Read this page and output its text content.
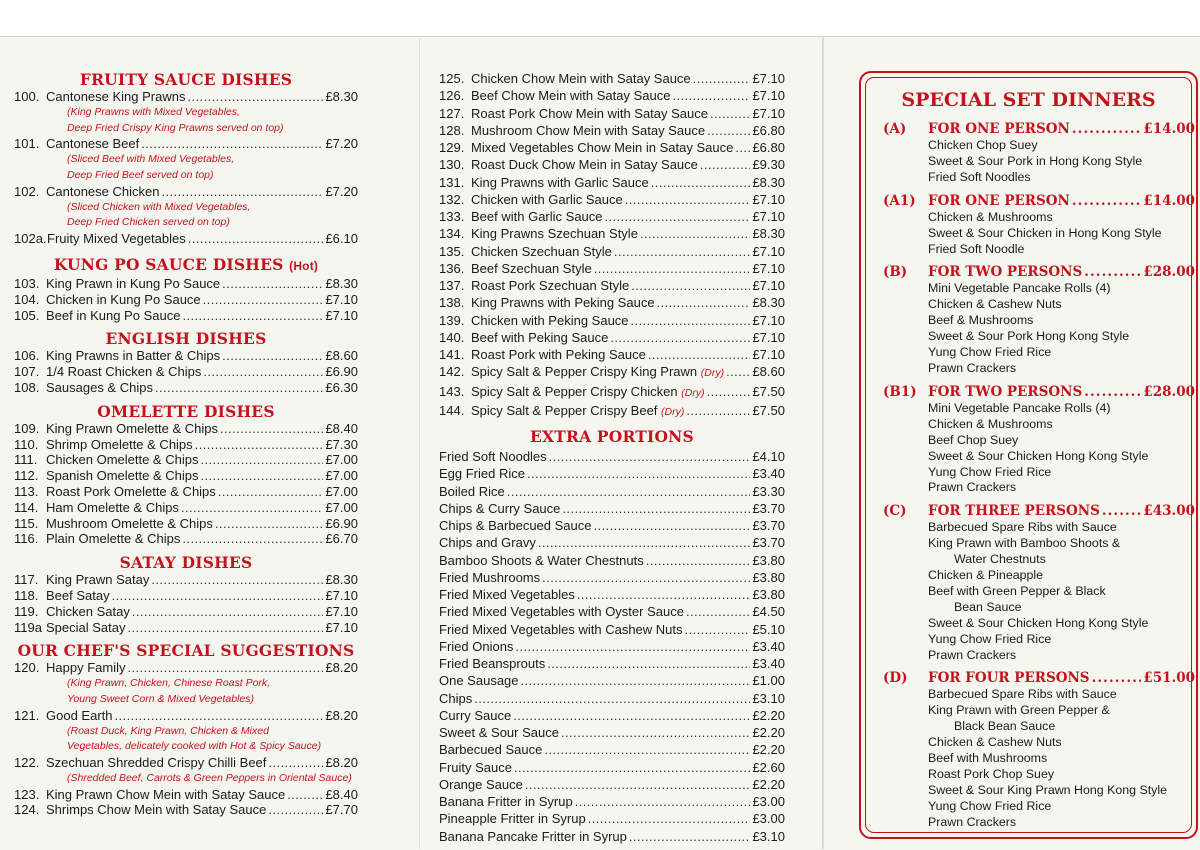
FRUITY SAUCE DISHES
100. Cantonese King Prawns . . .	£8.30
(King Prawns with Mixed Vegetables,
Deep Fried Crispy King Prawns served on top)
101. Cantonese Beef . . .	£7.20
(Sliced Beef with Mixed Vegetables,
Deep Fried Beef served on top)
102. Cantonese Chicken . . .	£7.20
(Sliced Chicken with Mixed Vegetables,
Deep Fried Chicken served on top)
102a. Fruity Mixed Vegetables . . .	£6.10
KUNG PO SAUCE DISHES (Hot)
103. King Prawn in Kung Po Sauce . . .	£8.30
104. Chicken in Kung Po Sauce . . .	£7.10
105. Beef in Kung Po Sauce . . .	£7.10
ENGLISH DISHES
106. King Prawns in Batter & Chips . . .	£8.60
107. 1/4 Roast Chicken & Chips . . .	£6.90
108. Sausages & Chips . . .	£6.30
OMELETTE DISHES
109. King Prawn Omelette & Chips . . .	£8.40
110. Shrimp Omelette & Chips . . .	£7.30
111. Chicken Omelette & Chips . . .	£7.00
112. Spanish Omelette & Chips . . .	£7.00
113. Roast Pork Omelette & Chips . . .	£7.00
114. Ham Omelette & Chips . . .	£7.00
115. Mushroom Omelette & Chips . . .	£6.90
116. Plain Omelette & Chips . . .	£6.70
SATAY DISHES
117. King Prawn Satay . . .	£8.30
118. Beef Satay . . .	£7.10
119. Chicken Satay . . .	£7.10
119a Special Satay . . .	£7.10
OUR CHEF'S SPECIAL SUGGESTIONS
120. Happy Family . . .	£8.20
(King Prawn, Chicken, Chinese Roast Pork,
Young Sweet Corn & Mixed Vegetables)
121. Good Earth . . .	£8.20
(Roast Duck, King Prawn, Chicken & Mixed
Vegetables, delicately cooked with Hot & Spicy Sauce)
122. Szechuan Shredded Crispy Chilli Beef . . .	£8.20
(Shredded Beef, Carrots & Green Peppers in Oriental Sauce)
123. King Prawn Chow Mein with Satay Sauce . . .	£8.40
124. Shrimps Chow Mein with Satay Sauce . . .	£7.70
125. Chicken Chow Mein with Satay Sauce . . .	£7.10
126. Beef Chow Mein with Satay Sauce . . .	£7.10
127. Roast Pork Chow Mein with Satay Sauce . . .	£7.10
128. Mushroom Chow Mein with Satay Sauce . . .	£6.80
129. Mixed Vegetables Chow Mein in Satay Sauce . . . £6.80
130. Roast Duck Chow Mein in Satay Sauce . . .	£9.30
131. King Prawns with Garlic Sauce . . .	£8.30
132. Chicken with Garlic Sauce . . .	£7.10
133. Beef with Garlic Sauce . . .	£7.10
134. King Prawns Szechuan Style . . .	£8.30
135. Chicken Szechuan Style . . .	£7.10
136. Beef Szechuan Style . . .	£7.10
137. Roast Pork Szechuan Style . . .	£7.10
138. King Prawns with Peking Sauce . . .	£8.30
139. Chicken with Peking Sauce . . .	£7.10
140. Beef with Peking Sauce . . .	£7.10
141. Roast Pork with Peking Sauce . . .	£7.10
142. Spicy Salt & Pepper Crispy King Prawn (Dry) . . . £8.60
143. Spicy Salt & Pepper Crispy Chicken (Dry) . . .	£7.50
144. Spicy Salt & Pepper Crispy Beef (Dry) . . .	£7.50
EXTRA PORTIONS
Fried Soft Noodles . . .	£4.10
Egg Fried Rice . . .	£3.40
Boiled Rice . . .	£3.30
Chips & Curry Sauce . . .	£3.70
Chips & Barbecued Sauce . . .	£3.70
Chips and Gravy . . .	£3.70
Bamboo Shoots & Water Chestnuts . . .	£3.80
Fried Mushrooms . . .	£3.80
Fried Mixed Vegetables . . .	£3.80
Fried Mixed Vegetables with Oyster Sauce . . .	£4.50
Fried Mixed Vegetables with Cashew Nuts . . .	£5.10
Fried Onions . . .	£3.40
Fried Beansprouts . . .	£3.40
One Sausage . . .	£1.00
Chips . . .	£3.10
Curry Sauce . . .	£2.20
Sweet & Sour Sauce . . .	£2.20
Barbecued Sauce . . .	£2.20
Fruity Sauce . . .	£2.60
Orange Sauce . . .	£2.20
Banana Fritter in Syrup . . .	£3.00
Pineapple Fritter in Syrup . . .	£3.00
Banana Pancake Fritter in Syrup . . .	£3.10
SPECIAL SET DINNERS
(A)	FOR ONE PERSON . . .	£14.00
Chicken Chop Suey
Sweet & Sour Pork in Hong Kong Style
Fried Soft Noodles
(A1) FOR ONE PERSON . . .	£14.00
Chicken & Mushrooms
Sweet & Sour Chicken in Hong Kong Style
Fried Soft Noodle
(B)	FOR TWO PERSONS . . .	£28.00
Mini Vegetable Pancake Rolls (4)
Chicken & Cashew Nuts
Beef & Mushrooms
Sweet & Sour Pork Hong Kong Style
Yung Chow Fried Rice
Prawn Crackers
(B1) FOR TWO PERSONS . . .	£28.00
Mini Vegetable Pancake Rolls (4)
Chicken & Mushrooms
Beef Chop Suey
Sweet & Sour Chicken Hong Kong Style
Yung Chow Fried Rice
Prawn Crackers
(C)	FOR THREE PERSONS . . .	£43.00
Barbecued Spare Ribs with Sauce
King Prawn with Bamboo Shoots &
Water Chestnuts
Chicken & Pineapple
Beef with Green Pepper & Black
Bean Sauce
Sweet & Sour Chicken Hong Kong Style
Yung Chow Fried Rice
Prawn Crackers
(D)	FOR FOUR PERSONS . . .	£51.00
Barbecued Spare Ribs with Sauce
King Prawn with Green Pepper &
Black Bean Sauce
Chicken & Cashew Nuts
Beef with Mushrooms
Roast Pork Chop Suey
Sweet & Sour King Prawn Hong Kong Style
Yung Chow Fried Rice
Prawn Crackers
